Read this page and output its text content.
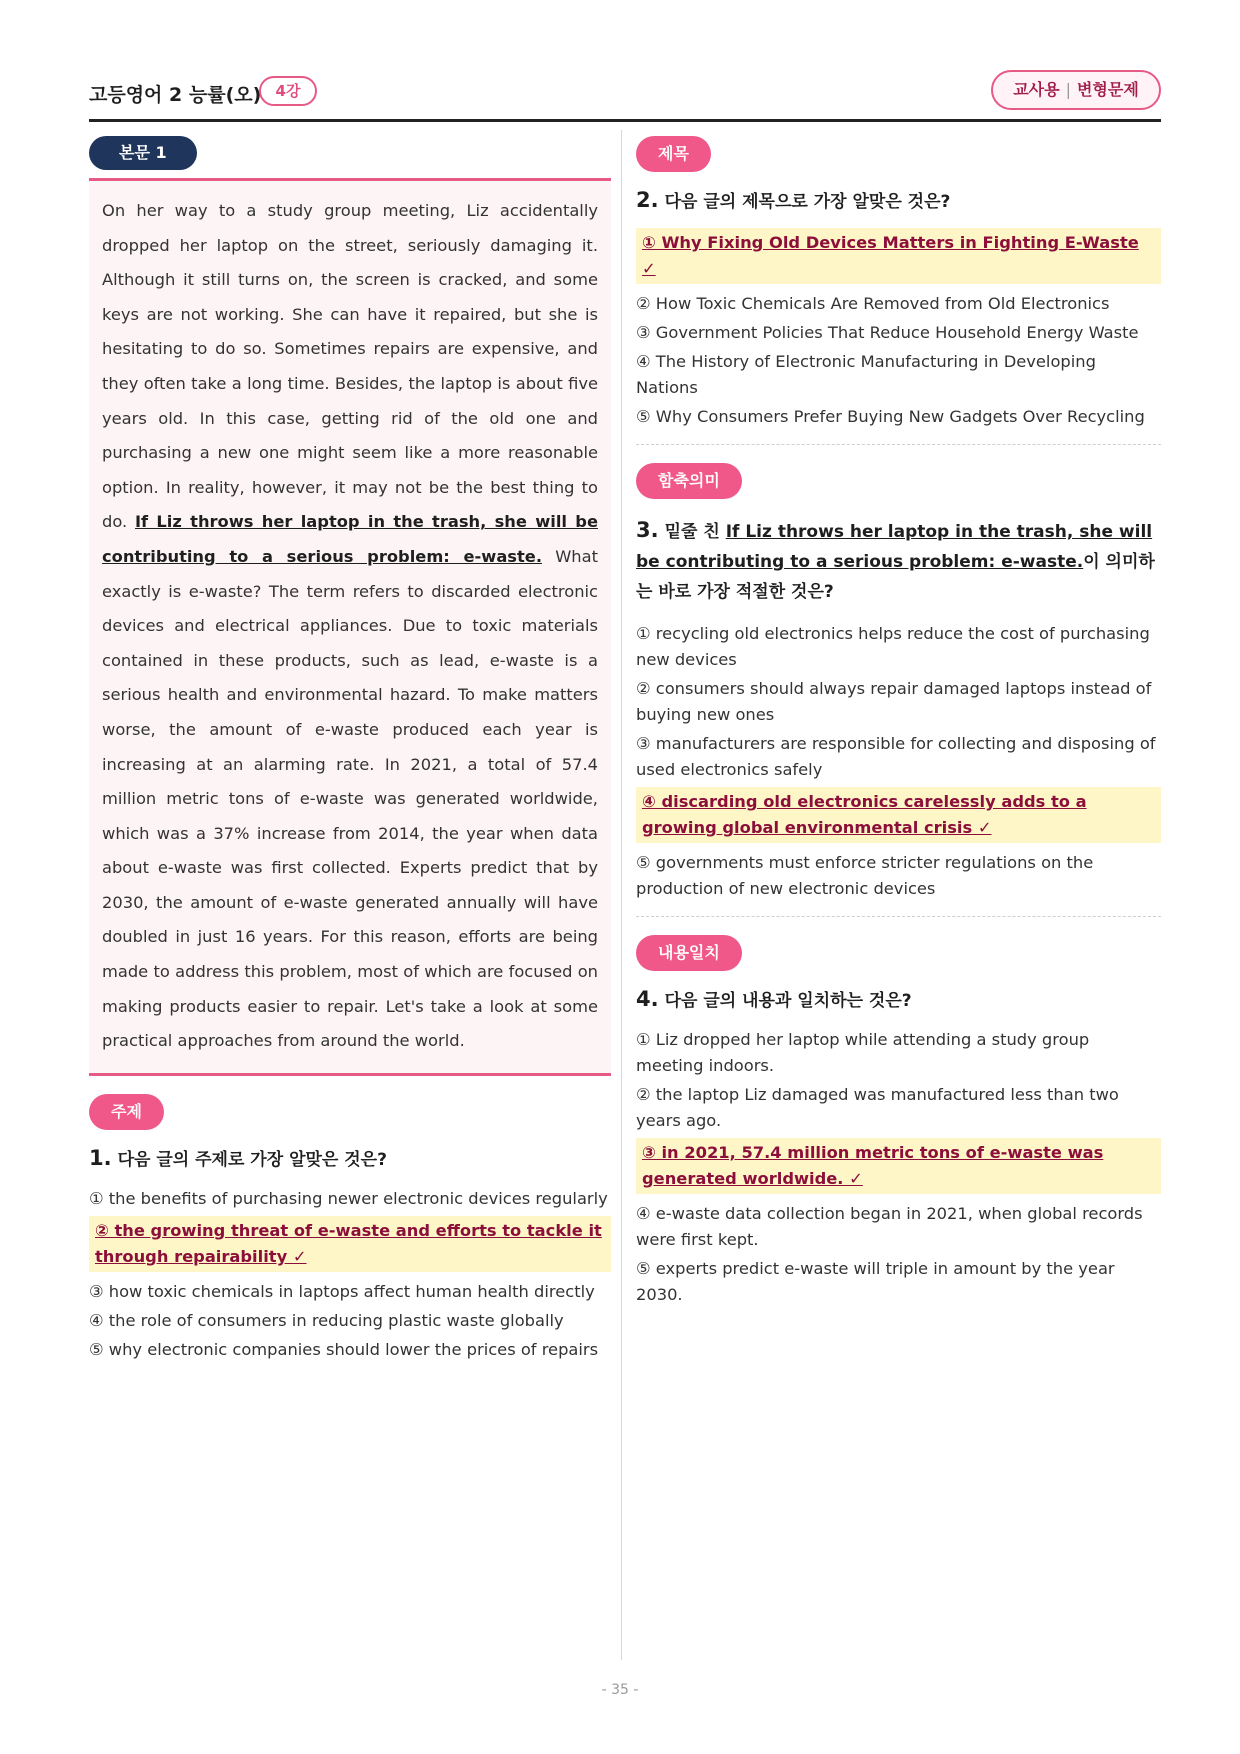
고등영어 2 능률(오) 4강	교사용 | 변형문제
본문 1

On her way to a study group meeting, Liz accidentally dropped her laptop on the street, seriously damaging it. Although it still turns on, the screen is cracked, and some keys are not working. She can have it repaired, but she is hesitating to do so. Sometimes repairs are expensive, and they often take a long time. Besides, the laptop is about five years old. In this case, getting rid of the old one and purchasing a new one might seem like a more reasonable option. In reality, however, it may not be the best thing to do. If Liz throws her laptop in the trash, she will be contributing to a serious problem: e-waste. What exactly is e-waste? The term refers to discarded electronic devices and electrical appliances. Due to toxic materials contained in these products, such as lead, e-waste is a serious health and environmental hazard. To make matters worse, the amount of e-waste produced each year is increasing at an alarming rate. In 2021, a total of 57.4 million metric tons of e-waste was generated worldwide, which was a 37% increase from 2014, the year when data about e-waste was first collected. Experts predict that by 2030, the amount of e-waste generated annually will have doubled in just 16 years. For this reason, efforts are being made to address this problem, most of which are focused on making products easier to repair. Let's take a look at some practical approaches from around the world.

주제
1. 다음 글의 주제로 가장 알맞은 것은?
① the benefits of purchasing newer electronic devices regularly
② the growing threat of e-waste and efforts to tackle it through repairability ✓
③ how toxic chemicals in laptops affect human health directly
④ the role of consumers in reducing plastic waste globally
⑤ why electronic companies should lower the prices of repairs
제목
2. 다음 글의 제목으로 가장 알맞은 것은?
① Why Fixing Old Devices Matters in Fighting E-Waste ✓
② How Toxic Chemicals Are Removed from Old Electronics
③ Government Policies That Reduce Household Energy Waste
④ The History of Electronic Manufacturing in Developing Nations
⑤ Why Consumers Prefer Buying New Gadgets Over Recycling
함축의미
3. 밑줄 친 If Liz throws her laptop in the trash, she will be contributing to a serious problem: e-waste.이 의미하는 바로 가장 적절한 것은?
① recycling old electronics helps reduce the cost of purchasing new devices
② consumers should always repair damaged laptops instead of buying new ones
③ manufacturers are responsible for collecting and disposing of used electronics safely
④ discarding old electronics carelessly adds to a growing global environmental crisis ✓
⑤ governments must enforce stricter regulations on the production of new electronic devices
내용일치
4. 다음 글의 내용과 일치하는 것은?
① Liz dropped her laptop while attending a study group meeting indoors.
② the laptop Liz damaged was manufactured less than two years ago.
③ in 2021, 57.4 million metric tons of e-waste was generated worldwide. ✓
④ e-waste data collection began in 2021, when global records were first kept.
⑤ experts predict e-waste will triple in amount by the year 2030.
- 35 -
